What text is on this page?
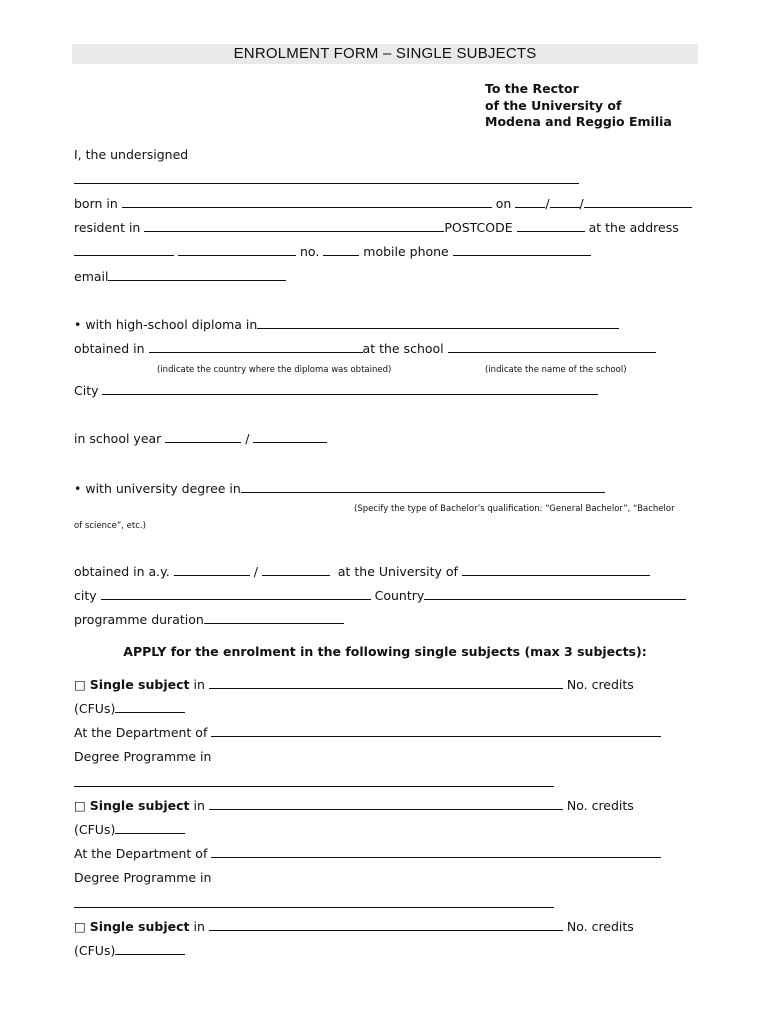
ENROLMENT FORM – SINGLE SUBJECTS
To the Rector
of the University of
Modena and Reggio Emilia
I, the undersigned
born in	on	/ /
resident in	POSTCODE	at the address
no.	mobile phone
email
• with high-school diploma in
obtained in	at the school
(indicate the country where the diploma was obtained)	(indicate the name of the school)
City
in school year	/
• with university degree in
(Specify the type of Bachelor’s qualification: “General Bachelor”, “Bachelor
of science”, etc.)
obtained in a.y.	/	at the University of
city	Country
programme duration
APPLY for the enrolment in the following single subjects (max 3 subjects):
□ Single subject in	No. credits
(CFUs)
At the Department of
Degree Programme in
□ Single subject in	No. credits
(CFUs)
At the Department of
Degree Programme in
□ Single subject in	No. credits
(CFUs)
